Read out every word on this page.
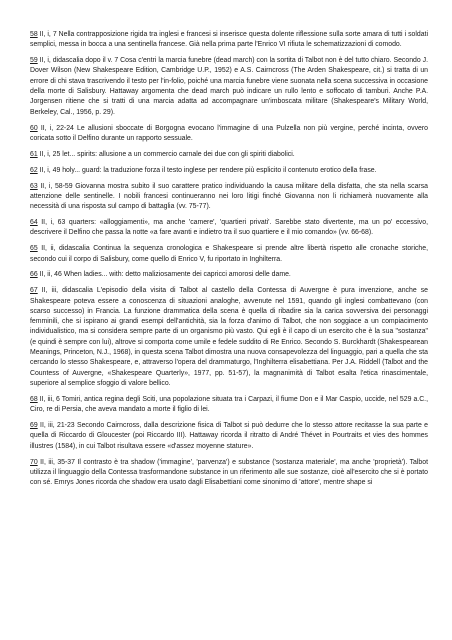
58 II, i, 7 Nella contrapposizione rigida tra inglesi e francesi si inserisce questa dolente riflessione sulla sorte amara di tutti i soldati semplici, messa in bocca a una sentinella francese. Già nella prima parte l'Enrico VI rifiuta le schematizzazioni di comodo.

59 II, i, didascalia dopo il v. 7 Cosa c'entri la marcia funebre (dead march) con la sortita di Talbot non è del tutto chiaro. Secondo J. Dover Wilson (New Shakespeare Edition, Cambridge U.P., 1952) e A.S. Cairncross (The Arden Shakespeare, cit.) si tratta di un errore di chi stava trascrivendo il testo per l'in-folio, poiché una marcia funebre viene suonata nella scena successiva in occasione della morte di Salisbury. Hattaway argomenta che dead march può indicare un rullo lento e soffocato di tamburi. Anche P.A. Jorgensen ritiene che si tratti di una marcia adatta ad accompagnare un'imboscata militare (Shakespeare's Military World, Berkeley, Cal., 1956, p. 29).

60 II, i, 22-24 Le allusioni sboccate di Borgogna evocano l'immagine di una Pulzella non più vergine, perché incinta, ovvero coricata sotto il Delfino durante un rapporto sessuale.

61 II, i, 25 let... spirits: allusione a un commercio carnale dei due con gli spiriti diabolici.

62 II, i, 49 holy... guard: la traduzione forza il testo inglese per rendere più esplicito il contenuto erotico della frase.

63 II, i, 58-59 Giovanna mostra subito il suo carattere pratico individuando la causa militare della disfatta, che sta nella scarsa attenzione delle sentinelle. I nobili francesi continueranno nei loro litigi finché Giovanna non li richiamerà nuovamente alla necessità di una risposta sul campo di battaglia (vv. 75-77).

64 II, i, 63 quarters: «alloggiamenti», ma anche 'camere', 'quartieri privati'. Sarebbe stato divertente, ma un po' eccessivo, descrivere il Delfino che passa la notte «a fare avanti e indietro tra il suo quartiere e il mio comando» (vv. 66-68).

65 II, ii, didascalia Continua la sequenza cronologica e Shakespeare si prende altre libertà rispetto alle cronache storiche, secondo cui il corpo di Salisbury, come quello di Enrico V, fu riportato in Inghilterra.

66 II, ii, 46 When ladies... with: detto maliziosamente dei capricci amorosi delle dame.

67 II, iii, didascalia L'episodio della visita di Talbot al castello della Contessa di Auvergne è pura invenzione, anche se Shakespeare poteva essere a conoscenza di situazioni analoghe, avvenute nel 1591, quando gli inglesi combattevano (con scarso successo) in Francia. La funzione drammatica della scena è quella di ribadire sia la carica sovversiva dei personaggi femminili, che si ispirano ai grandi esempi dell'antichità, sia la forza d'animo di Talbot, che non soggiace a un compiacimento individualistico, ma si considera sempre parte di un organismo più vasto. Qui egli è il capo di un esercito che è la sua "sostanza" (e quindi è sempre con lui), altrove si comporta come umile e fedele suddito di Re Enrico. Secondo S. Burckhardt (Shakespearean Meanings, Princeton, N.J., 1968), in questa scena Talbot dimostra una nuova consapevolezza del linguaggio, pari a quella che sta cercando lo stesso Shakespeare, e, attraverso l'opera del drammaturgo, l'Inghilterra elisabettiana. Per J.A. Riddell (Talbot and the Countess of Auvergne, «Shakespeare Quarterly», 1977, pp. 51-57), la magnanimità di Talbot esalta l'etica rinascimentale, superiore al semplice sfoggio di valore bellico.

68 II, iii, 6 Tomiri, antica regina degli Sciti, una popolazione situata tra i Carpazi, il fiume Don e il Mar Caspio, uccide, nel 529 a.C., Ciro, re di Persia, che aveva mandato a morte il figlio di lei.

69 II, iii, 21-23 Secondo Cairncross, dalla descrizione fisica di Talbot si può dedurre che lo stesso attore recitasse la sua parte e quella di Riccardo di Gloucester (poi Riccardo III). Hattaway ricorda il ritratto di André Thévet in Pourtraits et vies des hommes illustres (1584), in cui Talbot risultava essere «d'assez moyenne stature».

70 II, iii, 35-37 Il contrasto è tra shadow ('immagine', 'parvenza') e substance ('sostanza materiale', ma anche 'proprietà'). Talbot utilizza il linguaggio della Contessa trasformandone substance in un riferimento alle sue sostanze, cioè all'esercito che si è portato con sé. Emrys Jones ricorda che shadow era usato dagli Elisabettiani come sinonimo di 'attore', mentre shape si
